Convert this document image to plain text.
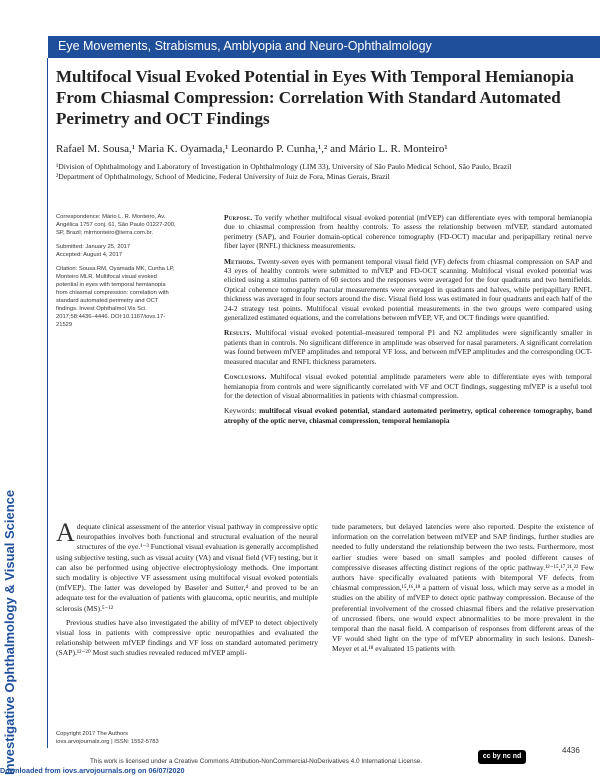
Eye Movements, Strabismus, Amblyopia and Neuro-Ophthalmology
Investigative Ophthalmology & Visual Science
Multifocal Visual Evoked Potential in Eyes With Temporal Hemianopia From Chiasmal Compression: Correlation With Standard Automated Perimetry and OCT Findings
Rafael M. Sousa,¹ Maria K. Oyamada,¹ Leonardo P. Cunha,¹,² and Mário L. R. Monteiro¹
¹Division of Ophthalmology and Laboratory of Investigation in Ophthalmology (LIM 33), University of São Paulo Medical School, São Paulo, Brazil
²Department of Ophthalmology, School of Medicine, Federal University of Juiz de Fora, Minas Gerais, Brazil

Correspondence: Mário L. R. Monteiro, Av. Angélica 1757 conj. 61, São Paulo 01227-200, SP, Brazil; mlrmonteiro@terra.com.br.

Submitted: January 25, 2017

Accepted: August 4, 2017

Citation: Sousa RM, Oyamada MK, Cunha LP, Monteiro MLR. Multifocal visual evoked potential in eyes with temporal hemianopia from chiasmal compression: correlation with standard automated perimetry and OCT findings. Invest Ophthalmol Vis Sci. 2017;58:4436–4446. DOI:10.1167/iovs.17-21529

Purpose. To verify whether multifocal visual evoked potential (mfVEP) can differentiate eyes with temporal hemianopia due to chiasmal compression from healthy controls. To assess the relationship between mfVEP, standard automated perimetry (SAP), and Fourier domain-optical coherence tomography (FD-OCT) macular and peripapillary retinal nerve fiber layer (RNFL) thickness measurements.

Methods. Twenty-seven eyes with permanent temporal visual field (VF) defects from chiasmal compression on SAP and 43 eyes of healthy controls were submitted to mfVEP and FD-OCT scanning. Multifocal visual evoked potential was elicited using a stimulus pattern of 60 sectors and the responses were averaged for the four quadrants and two hemifields. Optical coherence tomography macular measurements were averaged in quadrants and halves, while peripapillary RNFL thickness was averaged in four sectors around the disc. Visual field loss was estimated in four quadrants and each half of the 24-2 strategy test points. Multifocal visual evoked potential measurements in the two groups were compared using generalized estimated equations, and the correlations between mfVEP, VF, and OCT findings were quantified.

Results. Multifocal visual evoked potential–measured temporal P1 and N2 amplitudes were significantly smaller in patients than in controls. No significant difference in amplitude was observed for nasal parameters. A significant correlation was found between mfVEP amplitudes and temporal VF loss, and between mfVEP amplitudes and the corresponding OCT-measured macular and RNFL thickness parameters.

Conclusions. Multifocal visual evoked potential amplitude parameters were able to differentiate eyes with temporal hemianopia from controls and were significantly correlated with VF and OCT findings, suggesting mfVEP is a useful tool for the detection of visual abnormalities in patients with chiasmal compression.

Keywords: multifocal visual evoked potential, standard automated perimetry, optical coherence tomography, band atrophy of the optic nerve, chiasmal compression, temporal hemianopia

Adequate clinical assessment of the anterior visual pathway in compressive optic neuropathies involves both functional and structural evaluation of the neural structures of the eye.¹⁻³ Functional visual evaluation is generally accomplished using subjective testing, such as visual acuity (VA) and visual field (VF) testing, but it can also be performed using objective electrophysiology methods. One important such modality is objective VF assessment using multifocal visual evoked potentials (mfVEP). The latter was developed by Baseler and Sutter,⁴ and proved to be an adequate test for the evaluation of patients with glaucoma, optic neuritis, and multiple sclerosis (MS).⁵⁻¹²

Previous studies have also investigated the ability of mfVEP to detect objectively visual loss in patients with compressive optic neuropathies and evaluated the relationship between mfVEP findings and VF loss on standard automated perimetry (SAP).¹²⁻²⁰ Most such studies revealed reduced mfVEP ampli-

tude parameters, but delayed latencies were also reported. Despite the existence of information on the correlation between mfVEP and SAP findings, further studies are needed to fully understand the relationship between the two tests. Furthermore, most earlier studies were based on small samples and pooled different causes of compressive diseases affecting distinct regions of the optic pathway.¹²⁻¹⁵,¹⁷,²¹,²² Few authors have specifically evaluated patients with bitemporal VF defects from chiasmal compression,¹⁵,¹⁶,¹⁸ a pattern of visual loss, which may serve as a model in studies on the ability of mfVEP to detect optic pathway compression. Because of the preferential involvement of the crossed chiasmal fibers and the relative preservation of uncrossed fibers, one would expect abnormalities to be more prevalent in the temporal than the nasal field. A comparison of responses from different areas of the VF would shed light on the type of mfVEP abnormality in such lesions. Danesh-Meyer et al.¹⁸ evaluated 15 patients with

Copyright 2017 The Authors
iovs.arvojournals.org | ISSN: 1552-5783
4436
This work is licensed under a Creative Commons Attribution-NonCommercial-NoDerivatives 4.0 International License.
cc by nc nd
Downloaded from iovs.arvojournals.org on 06/07/2020
